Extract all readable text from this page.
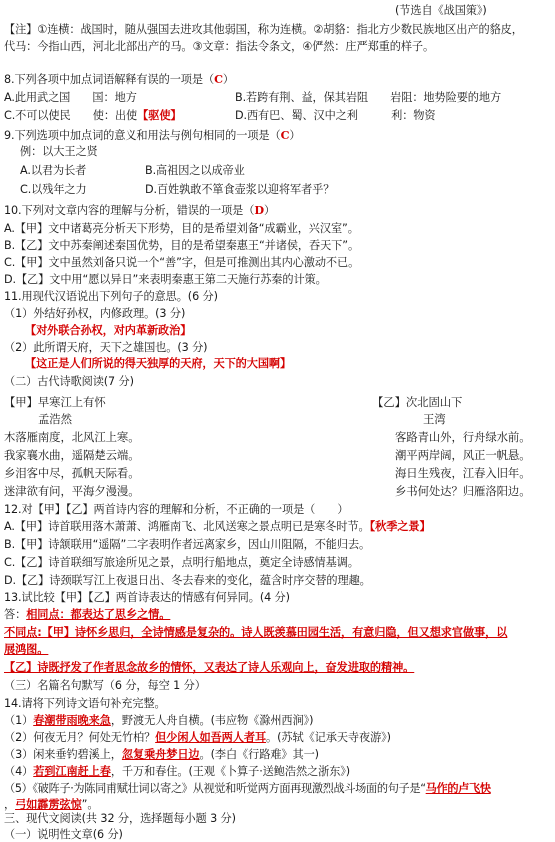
(节选自《战国策》)
【注】①连横：战国时，随从强国去进攻其他弱国，称为连横。②胡貉：指北方少数民族地区出产的貉皮，
代马：今指山西，河北北部出产的马。③文章：指法令条文，④俨然：庄严郑重的样子。
8.下列各项中加点词语解释有误的一项是（C）
A.此用武之国　　国：地方	B.若跨有荆、益，保其岩阻　　岩阻：地势险要的地方
C.不可以使民　　使：出使【驱使】	D.西有巴、蜀、汉中之利　　　利：物资
9.下列选项中加点词的意义和用法与例句相同的一项是（C）
例：以大王之贤
A.以君为长者	B.高祖因之以成帝业
C.以残年之力	D.百姓孰敢不箪食壶浆以迎将军者乎？
10.下列对文章内容的理解与分析，错误的一项是（D）
A.【甲】文中诸葛亮分析天下形势，目的是希望刘备“成霸业，兴汉室”。
B.【乙】文中苏秦阐述秦国优势，目的是希望秦惠王“并诸侯，吞天下”。
C.【甲】文中虽然刘备只说一个“善”字，但是可推测出其内心激动不已。
D.【乙】文中用“愿以异日”来表明秦惠王第二天施行苏秦的计策。
11.用现代汉语说出下列句子的意思。(6 分)
（1）外结好孙权，内修政理。(3 分)
【对外联合孙权，对内革新政治】
（2）此所谓天府，天下之雄国也。(3 分)
【这正是人们所说的得天独厚的天府，天下的大国啊】
（二）古代诗歌阅读(7 分)
【甲】早寒江上有怀
孟浩然
木落雁南度，北风江上寒。
我家襄水曲，遥隔楚云端。
乡泪客中尽，孤帆天际看。
迷津欲有问，平海夕漫漫。
【乙】次北固山下
王湾
客路青山外，行舟绿水前。
潮平两岸阔，风正一帆悬。
海日生残夜，江春入旧年。
乡书何处达？归雁洛阳边。
12.对【甲】【乙】两首诗内容的理解和分析，不正确的一项是（　　）
A.【甲】诗首联用落木萧萧、鸿雁南飞、北风送寒之景点明已是寒冬时节。【秋季之景】
B.【甲】诗颔联用“遥隔”二字表明作者远离家乡，因山川阻隔，不能归去。
C.【乙】诗首联细写旅途所见之景，点明行船地点，奠定全诗感情基调。
D.【乙】诗颈联写江上夜退日出、冬去春来的变化，蕴含时序交替的理趣。
13.试比较【甲】【乙】两首诗表达的情感有何异同。(4 分)
答：相同点：都表达了思乡之情。
不同点:【甲】诗怀乡思归，全诗情感是复杂的。诗人既羡慕田园生活，有意归隐，但又想求官做事，以
展鸿图。
【乙】诗既抒发了作者思念故乡的情怀，又表达了诗人乐观向上，奋发进取的精神。
（三）名篇名句默写（6 分，每空 1 分）
14.请将下列诗文语句补充完整。
（1）春潮带雨晚来急，野渡无人舟自横。(韦应物《滁州西涧》)
（2）何夜无月？何处无竹柏？但少闲人如吾两人者耳。(苏轼《记承天寺夜游》)
（3）闲来垂钓碧溪上，忽复乘舟梦日边。(李白《行路难》其一)
（4）若到江南赶上春，千万和春住。(王观《卜算子·送鲍浩然之浙东》)
（5）《破阵子·为陈同甫赋壮词以寄之》从视觉和听觉两方面再现激烈战斗场面的句子是“马作的卢飞快
，弓如霹雳弦惊”。
三、现代文阅读(共 32 分，选择题每小题 3 分)
（一）说明性文章(6 分)
